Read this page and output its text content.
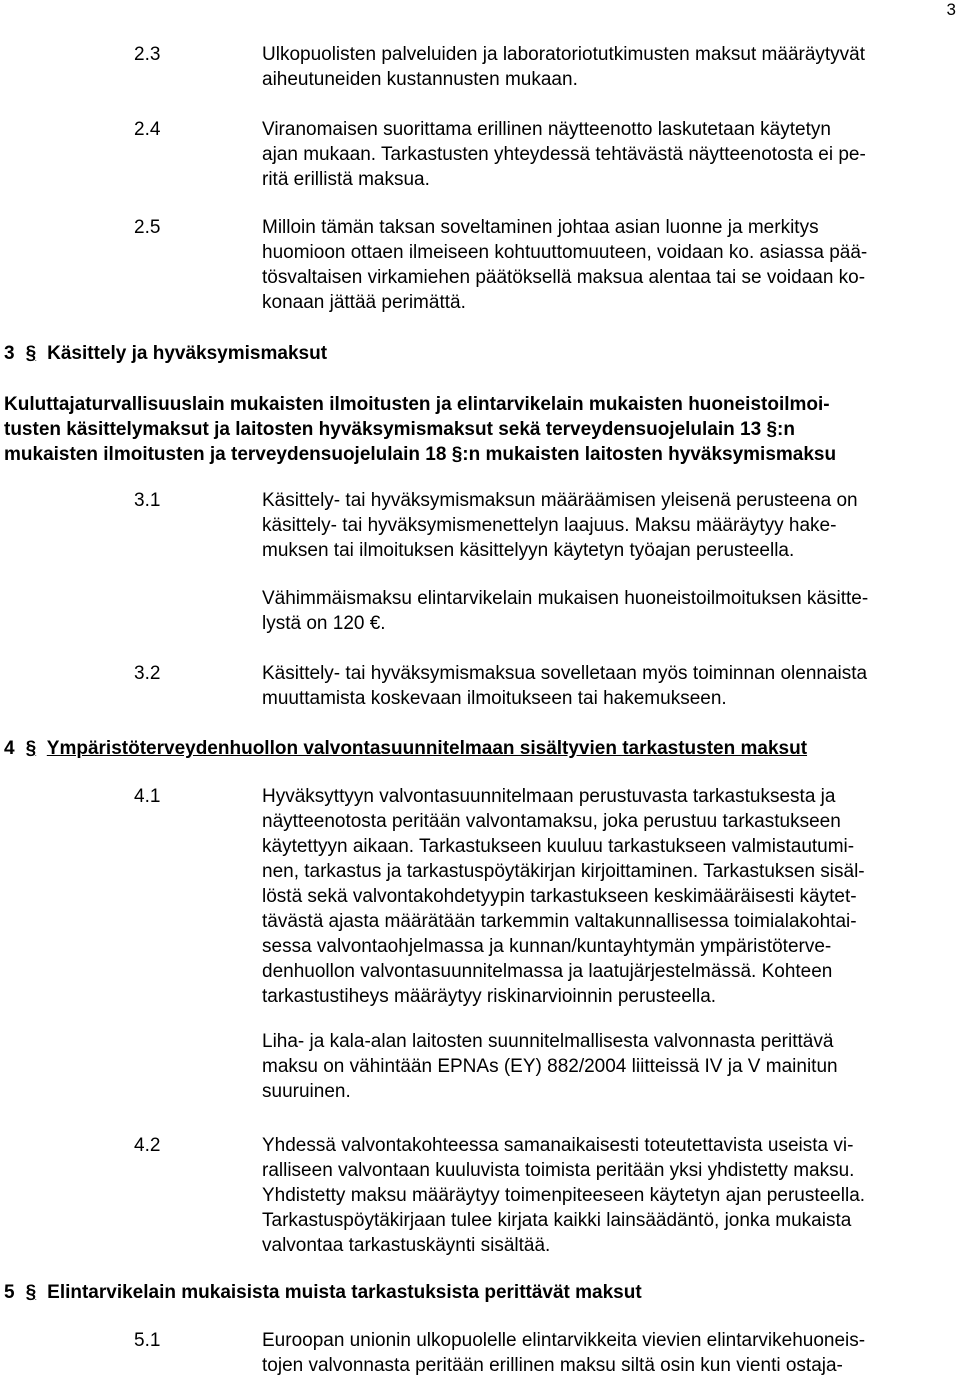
3
2.3	Ulkopuolisten palveluiden ja laboratoriotutkimusten maksut määräytyvät
aiheutuneiden kustannusten mukaan.
2.4	Viranomaisen suorittama erillinen näytteenotto laskutetaan käytetyn
ajan mukaan. Tarkastusten yhteydessä tehtävästä näytteenotosta ei pe-
ritä erillistä maksua.
2.5	Milloin tämän taksan soveltaminen johtaa asian luonne ja merkitys
huomioon ottaen ilmeiseen kohtuuttomuuteen, voidaan ko. asiassa pää-
tösvaltaisen virkamiehen päätöksellä maksua alentaa tai se voidaan ko-
konaan jättää perimättä.
3 § Käsittely ja hyväksymismaksut
Kuluttajaturvallisuuslain mukaisten ilmoitusten ja elintarvikelain mukaisten huoneistoilmoi-
tusten käsittelymaksut ja laitosten hyväksymismaksut sekä terveydensuojelulain 13 §:n
mukaisten ilmoitusten ja terveydensuojelulain 18 §:n mukaisten laitosten hyväksymismaksu
3.1	Käsittely- tai hyväksymismaksun määräämisen yleisenä perusteena on
käsittely- tai hyväksymismenettelyn laajuus. Maksu määräytyy hake-
muksen tai ilmoituksen käsittelyyn käytetyn työajan perusteella.
Vähimmäismaksu elintarvikelain mukaisen huoneistoilmoituksen käsitte-
lystä on 120 €.
3.2	Käsittely- tai hyväksymismaksua sovelletaan myös toiminnan olennaista
muuttamista koskevaan ilmoitukseen tai hakemukseen.
4 § Ympäristöterveydenhuollon valvontasuunnitelmaan sisältyvien tarkastusten maksut
4.1	Hyväksyttyyn valvontasuunnitelmaan perustuvasta tarkastuksesta ja
näytteenotosta peritään valvontamaksu, joka perustuu tarkastukseen
käytettyyn aikaan. Tarkastukseen kuuluu tarkastukseen valmistautumi-
nen, tarkastus ja tarkastuspöytäkirjan kirjoittaminen. Tarkastuksen sisäl-
löstä sekä valvontakohdetyypin tarkastukseen keskimääräisesti käytet-
tävästä ajasta määrätään tarkemmin valtakunnallisessa toimialakohtai-
sessa valvontaohjelmassa ja kunnan/kuntayhtymän ympäristöterve-
denhuollon valvontasuunnitelmassa ja laatujärjestelmässä. Kohteen
tarkastustiheys määräytyy riskinarvioinnin perusteella.
Liha- ja kala-alan laitosten suunnitelmallisesta valvonnasta perittävä
maksu on vähintään EPNAs (EY) 882/2004 liitteissä IV ja V mainitun
suuruinen.
4.2	Yhdessä valvontakohteessa samanaikaisesti toteutettavista useista vi-
ralliseen valvontaan kuuluvista toimista peritään yksi yhdistetty maksu.
Yhdistetty maksu määräytyy toimenpiteeseen käytetyn ajan perusteella.
Tarkastuspöytäkirjaan tulee kirjata kaikki lainsäädäntö, jonka mukaista
valvontaa tarkastuskäynti sisältää.
5 § Elintarvikelain mukaisista muista tarkastuksista perittävät maksut
5.1	Euroopan unionin ulkopuolelle elintarvikkeita vievien elintarvikehuoneis-
tojen valvonnasta peritään erillinen maksu siltä osin kun vienti ostaja-
